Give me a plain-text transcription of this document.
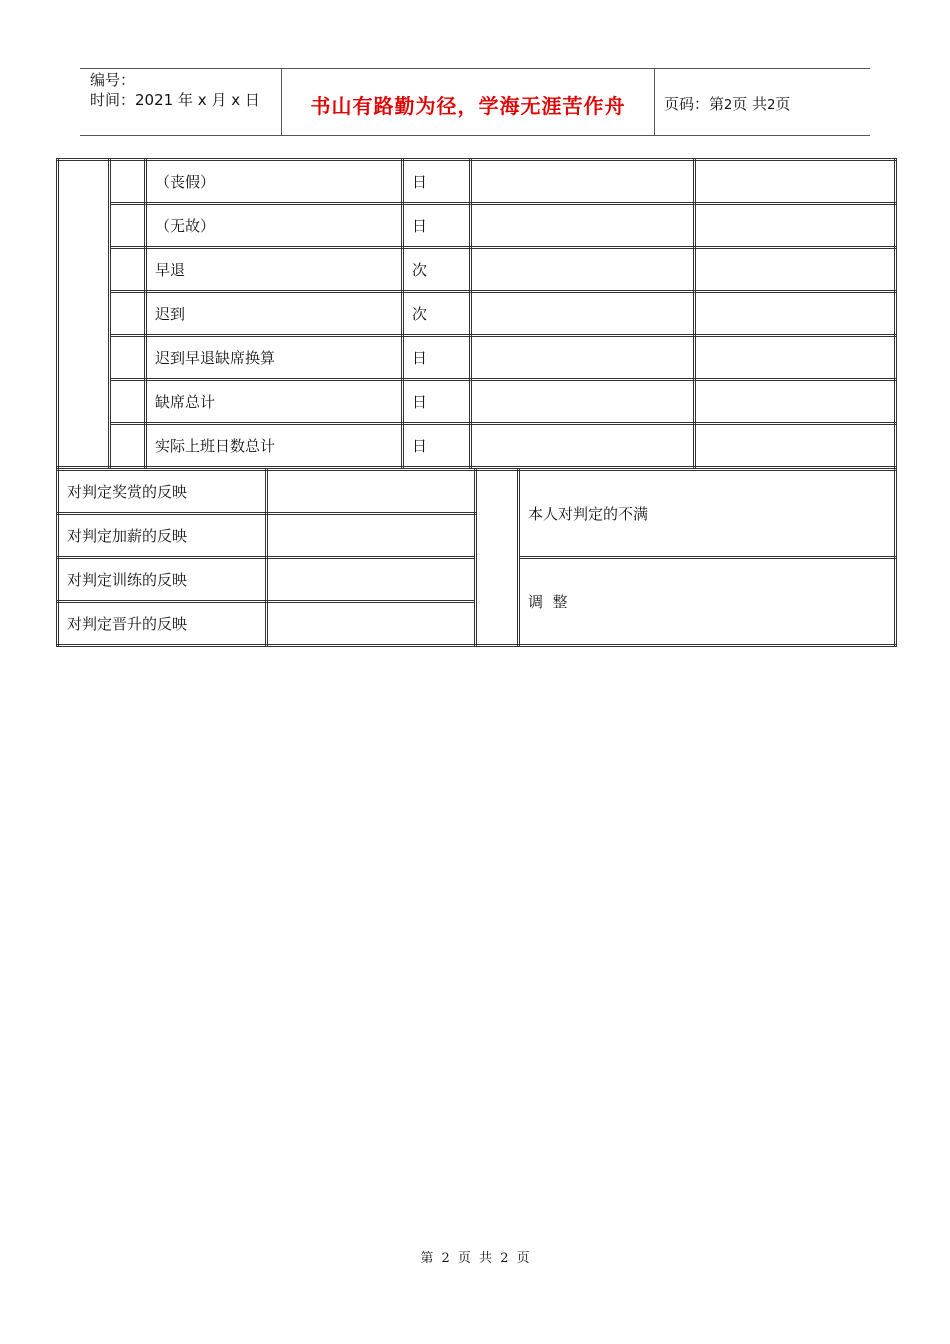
编号：
时间：2021 年 x 月 x 日	书山有路勤为径，学海无涯苦作舟	页码：第2页 共2页
		（丧假）	日		
		（无故）	日		
		早退	次		
		迟到	次		
		迟到早退缺席换算	日		
		缺席总计	日		
		实际上班日数总计	日		
对判定奖赏的反映			本人对判定的不满
对判定加薪的反映			
对判定训练的反映			调  整
对判定晋升的反映			
第 2 页 共 2 页
